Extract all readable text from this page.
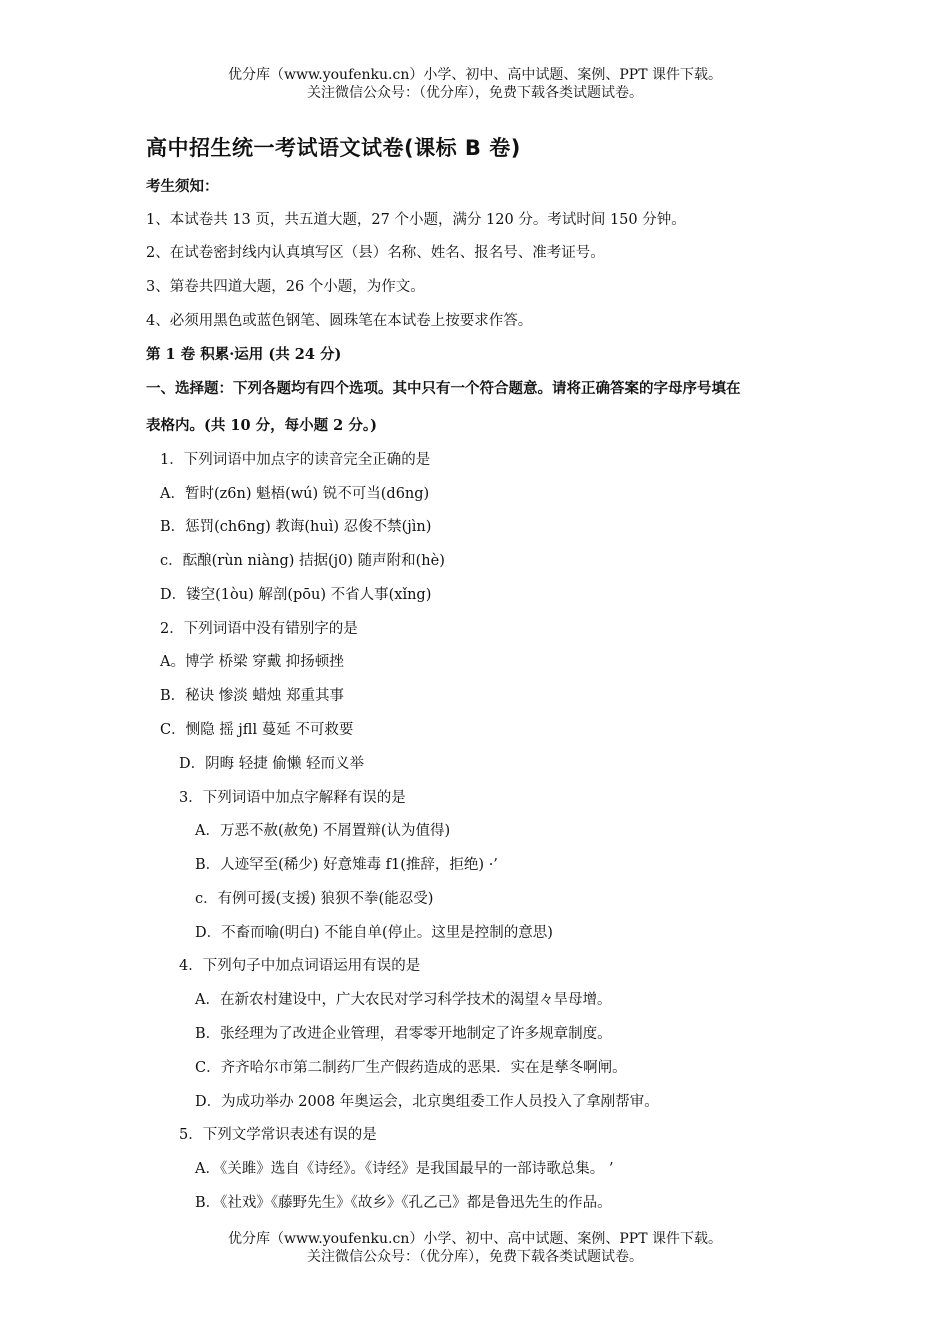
优分库（www.youfenku.cn）小学、初中、高中试题、案例、PPT 课件下载。
关注微信公众号：（优分库），免费下载各类试题试卷。
高中招生统一考试语文试卷(课标 B 卷)
考生须知：
1、本试卷共 13 页，共五道大题，27 个小题，满分 120 分。考试时间 150 分钟。
2、在试卷密封线内认真填写区（县）名称、姓名、报名号、准考证号。
3、第卷共四道大题，26 个小题，为作文。
4、必须用黑色或蓝色钢笔、圆珠笔在本试卷上按要求作答。
第 1 卷 积累·运用 (共 24 分)
一、选择题：下列各题均有四个选项。其中只有一个符合题意。请将正确答案的字母序号填在
表格内。(共 10 分，每小题 2 分。)
1．下列词语中加点字的读音完全正确的是
A．暂时(z6n) 魁梧(wú) 锐不可当(d6ng)
B．惩罚(ch6ng) 教诲(huì) 忍俊不禁(jìn)
c．酝酿(rùn niàng) 拮据(j0) 随声附和(hè)
D．镂空(1òu) 解剖(pōu) 不省人事(xǐng)
2．下列词语中没有错别字的是
A。博学 桥梁 穿戴 抑扬顿挫
B．秘诀 惨淡 蜡烛 郑重其事
C．恻隐 摇 jfll 蔓延 不可救要
D．阴晦 轻捷 偷懒 轻而义举
3．下列词语中加点字解释有误的是
A．万恶不赦(赦免) 不屑置辩(认为值得)
B．人迹罕至(稀少) 好意雉毒 f1(推辞，拒绝) ·’
c．有例可援(支援) 狼狈不拳(能忍受)
D．不畜而喻(明白) 不能自单(停止。这里是控制的意思)
4．下列句子中加点词语运用有误的是
A．在新农村建设中，广大农民对学习科学技术的渴望々旱母增。
B．张经理为了改进企业管理，君零零开地制定了许多规章制度。
C．齐齐哈尔市第二制药厂生产假药造成的恶果．实在是孳冬啊闸。
D．为成功举办 2008 年奥运会，北京奥组委工作人员投入了拿剐帮审。
5．下列文学常识表述有误的是
A．《关雎》选自《诗经》。《诗经》是我国最早的一部诗歌总集。 ’
B．《社戏》《藤野先生》《故乡》《孔乙己》都是鲁迅先生的作品。
优分库（www.youfenku.cn）小学、初中、高中试题、案例、PPT 课件下载。
关注微信公众号：（优分库），免费下载各类试题试卷。
